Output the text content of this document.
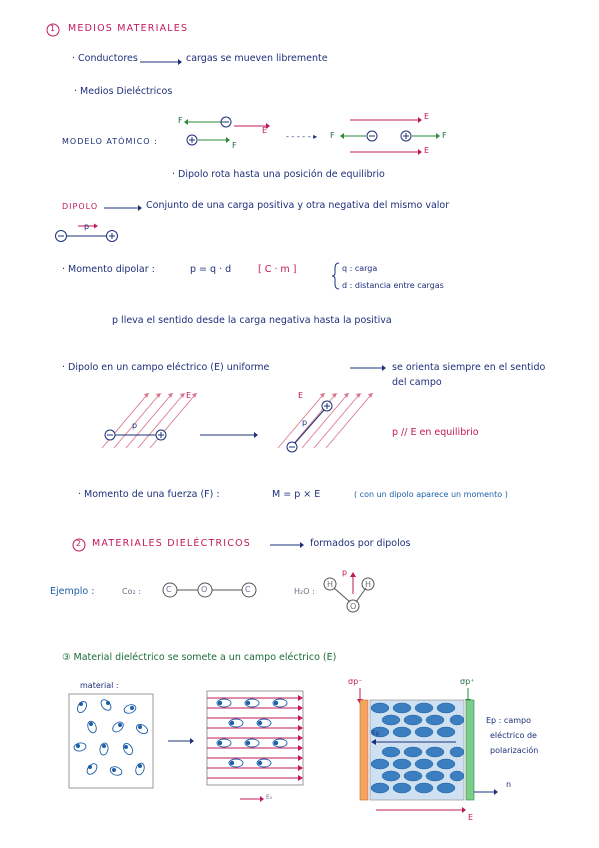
1 MEDIOS MATERIALES
· Conductores	cargas se mueven libremente
· Medios Dieléctricos
MODELO ATÓMICO :
F
F
E
- - - - - ▸
E
F	F
E
· Dipolo rota hasta una posición de equilibrio
DIPOLO	Conjunto de una carga positiva y otra negativa del mismo valor
p
· Momento dipolar :	p = q · d	[ C · m ]	q : carga
d : distancia entre cargas
p lleva el sentido desde la carga negativa hasta la positiva
· Dipolo en un campo eléctrico (E) uniforme	se orienta siempre en el sentido
del campo
E
p
E
p
p // E en equilibrio
· Momento de una fuerza (F) :	M = p × E	( con un dipolo aparece un momento )
2 MATERIALES DIELÉCTRICOS	formados por dipolos
Ejemplo :	Co₂ :	C	O	C	H₂O :
H	H
O
p
③ Material dieléctrico se somete a un campo eléctrico (E)
material :
E₀
σp⁻	σp⁺
Ep
Ep : campo
eléctrico de
polarización
n
E
